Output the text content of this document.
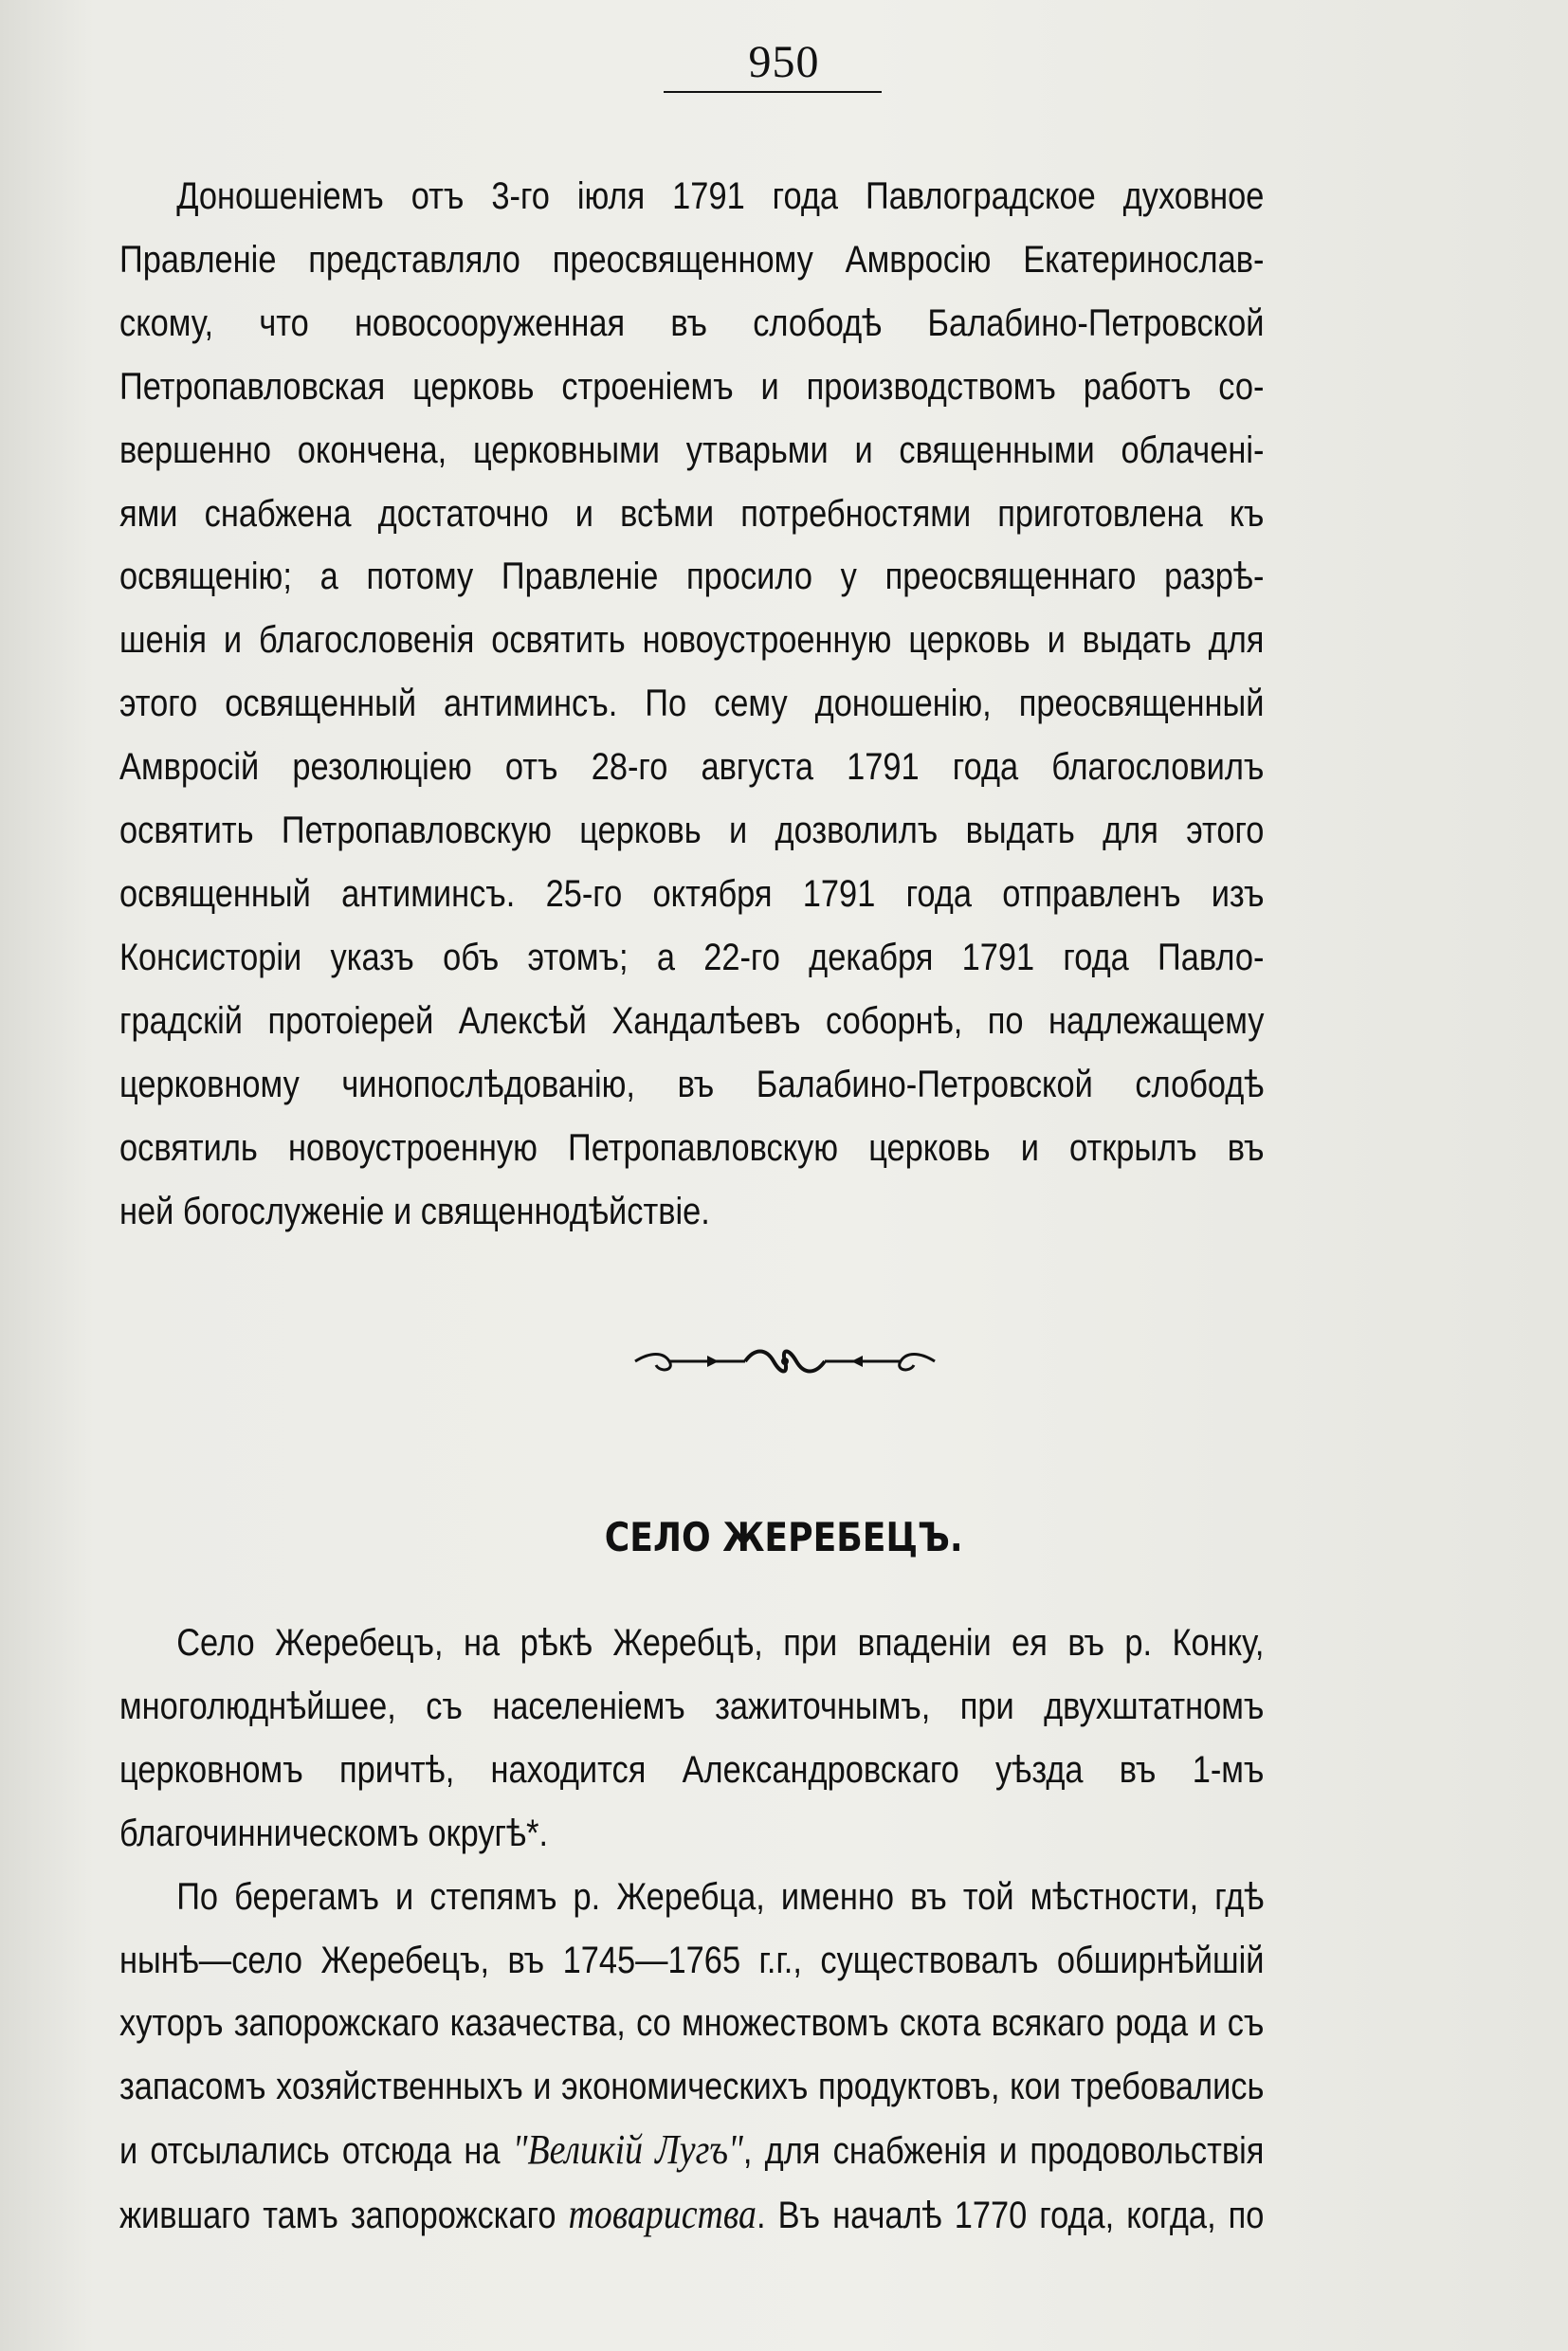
950

Доношеніемъ отъ 3-го іюля 1791 года Павлоградское духовное
Правленіе представляло преосвященному Амвросію Екатеринослав-
скому, что новосооруженная въ слободѣ Балабино-Петровской
Петропавловская церковь строеніемъ и производствомъ работъ со-
вершенно окончена, церковными утварьми и священными облачені-
ями снабжена достаточно и всѣми потребностями приготовлена къ
освященію; а потому Правленіе просило у преосвященнаго разрѣ-
шенія и благословенія освятить новоустроенную церковь и выдать для
этого освященный антиминсъ. По сему доношенію, преосвященный
Амвросій резолюціею отъ 28-го августа 1791 года благословилъ
освятить Петропавловскую церковь и дозволилъ выдать для этого
освященный антиминсъ. 25-го октября 1791 года отправленъ изъ
Консисторіи указъ объ этомъ; а 22-го декабря 1791 года Павло-
градскій протоіерей Алексѣй Хандалѣевъ соборнѣ, по надлежащему
церковному чинопослѣдованію, въ Балабино-Петровской слободѣ
освятиль новоустроенную Петропавловскую церковь и открылъ въ
ней богослуженіе и священнодѣйствіе.

СЕЛО ЖЕРЕБЕЦЪ.

Село Жеребецъ, на рѣкѣ Жеребцѣ, при впаденіи ея въ р. Конку,
многолюднѣйшее, съ населеніемъ зажиточнымъ, при двухштатномъ
церковномъ причтѣ, находится Александровскаго уѣзда въ 1-мъ
благочинническомъ округѣ*.

По берегамъ и степямъ р. Жеребца, именно въ той мѣстности, гдѣ
нынѣ—село Жеребецъ, въ 1745—1765 г.г., существовалъ обширнѣйшій
хуторъ запорожскаго казачества, со множествомъ скота всякаго рода и съ
запасомъ хозяйственныхъ и экономическихъ продуктовъ, кои требовались
и отсылались отсюда на "Великій Лугъ", для снабженія и продовольствія
жившаго тамъ запорожскаго товариства. Въ началѣ 1770 года, когда, по
